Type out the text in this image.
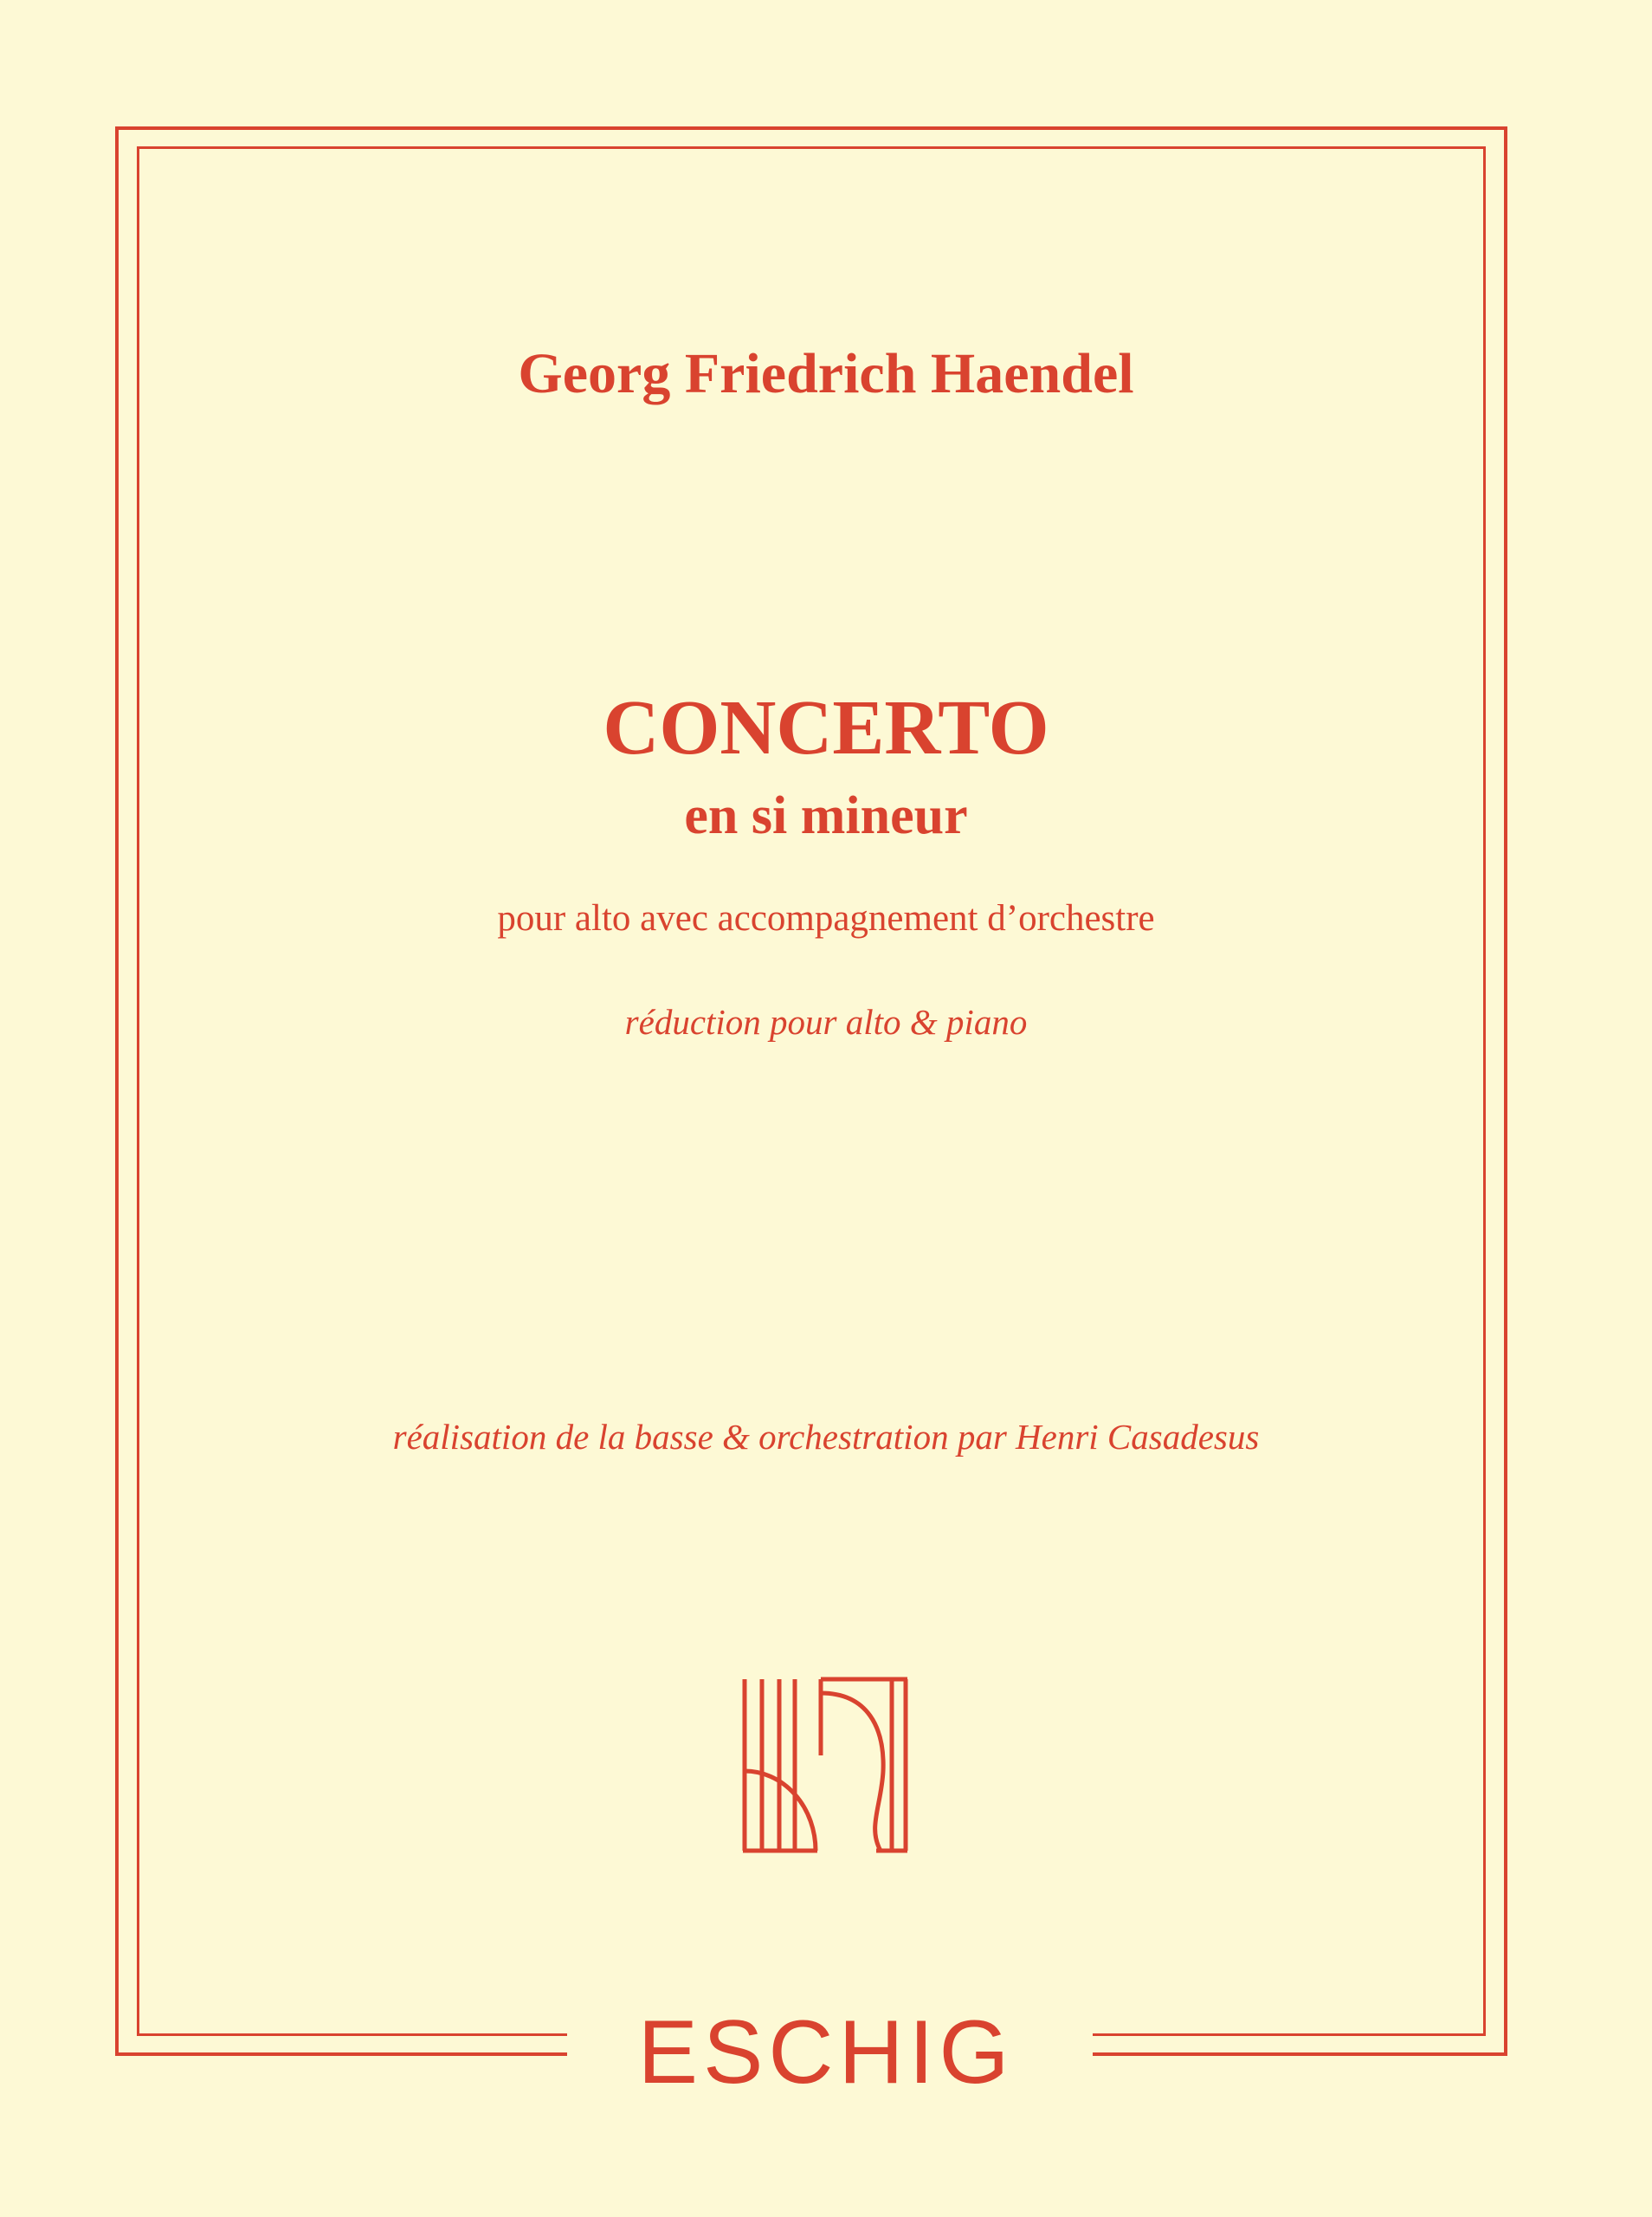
Georg Friedrich Haendel
CONCERTO
en si mineur
pour alto avec accompagnement d’orchestre
réduction pour alto & piano
réalisation de la basse & orchestration par Henri Casadesus
ESCHIG
